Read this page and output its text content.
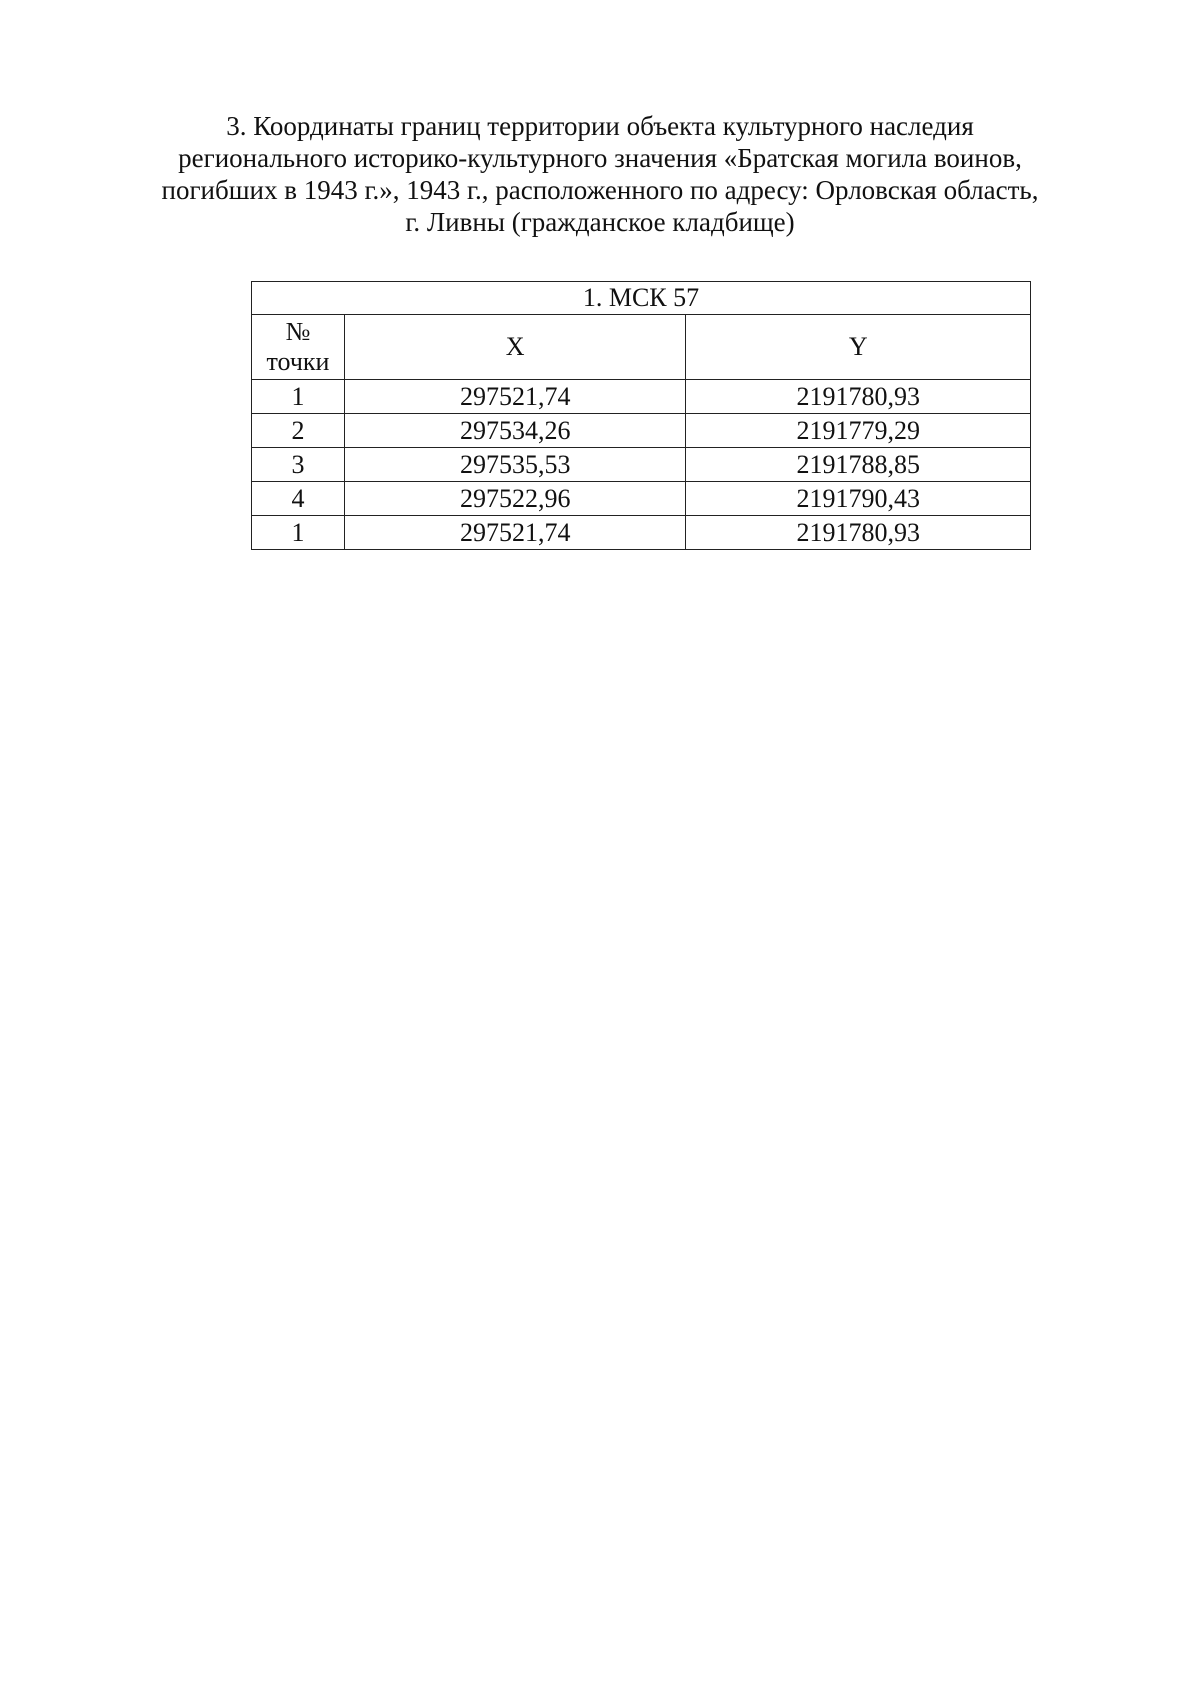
3. Координаты границ территории объекта культурного наследия
регионального историко-культурного значения «Братская могила воинов,
погибших в 1943 г.», 1943 г., расположенного по адресу: Орловская область,
г. Ливны (гражданское кладбище)
1. МСК 57		

№
точки	X	Y
1	297521,74	2191780,93
2	297534,26	2191779,29
3	297535,53	2191788,85
4	297522,96	2191790,43
1	297521,74	2191780,93
